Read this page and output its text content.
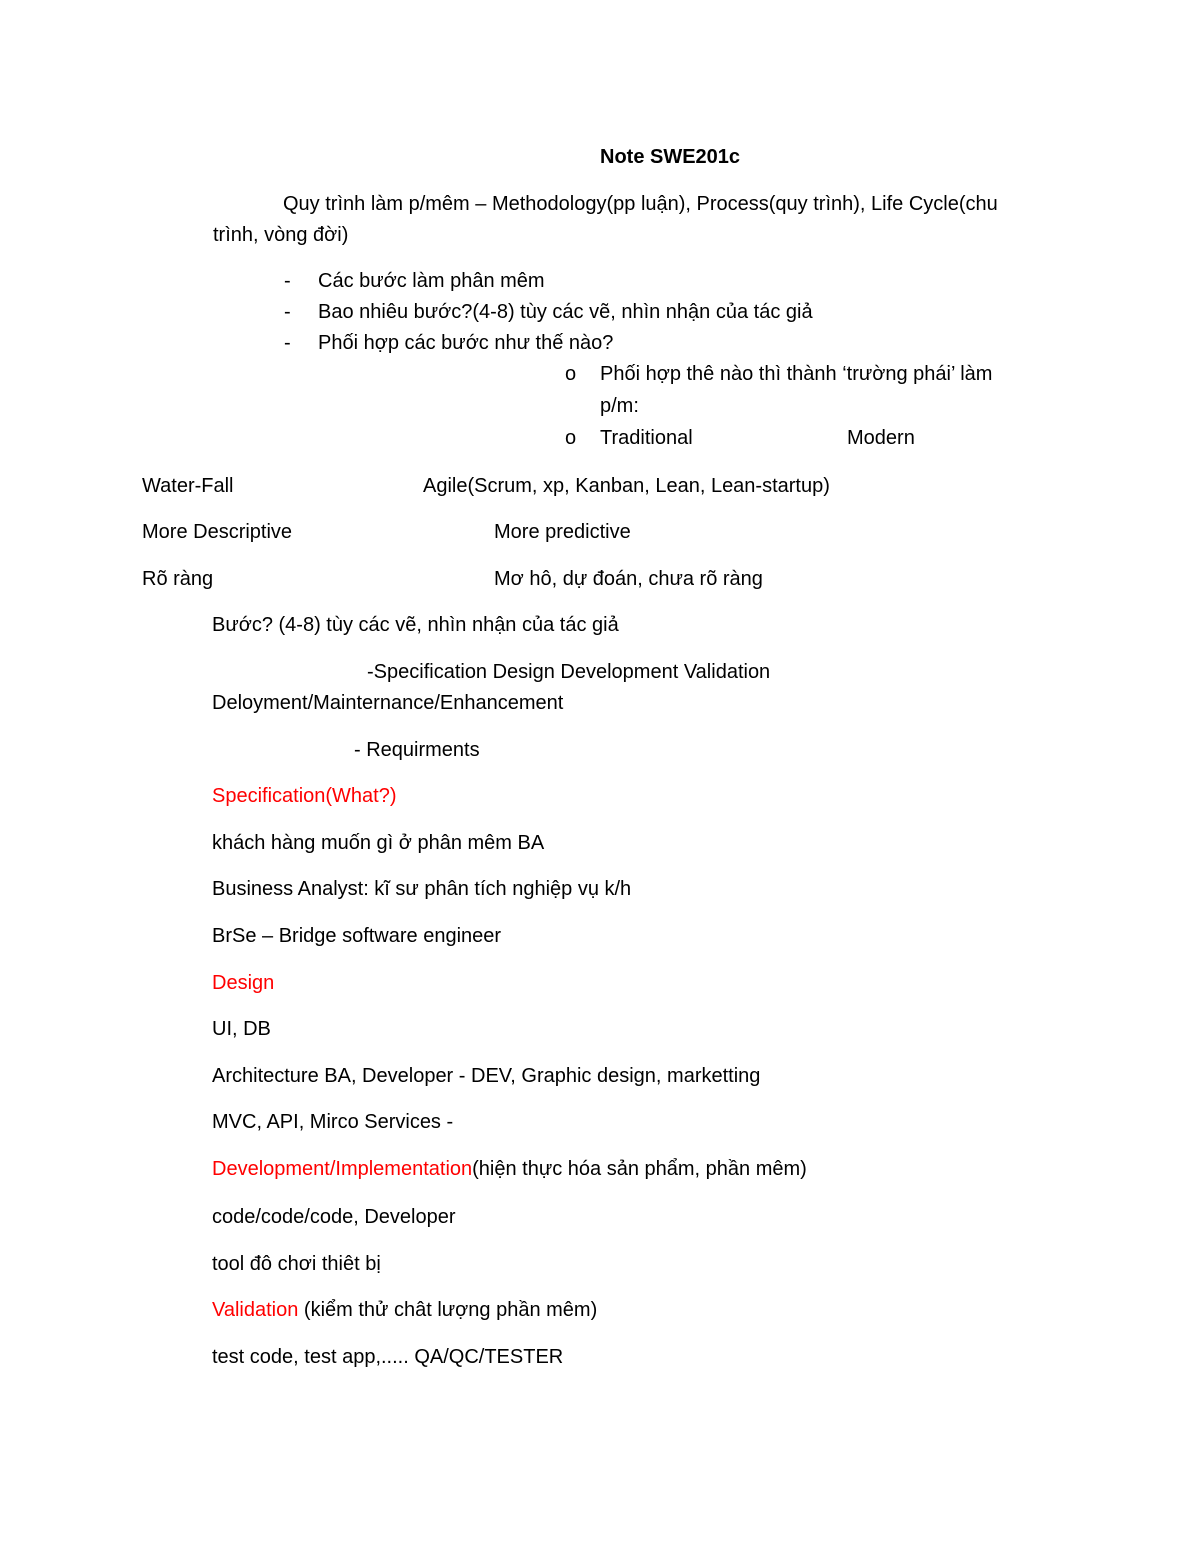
Note SWE201c
Quy trình làm p/mêm – Methodology(pp luận), Process(quy trình), Life Cycle(chu
trình, vòng đời)
- Các bước làm phân mêm
- Bao nhiêu bước?(4-8) tùy các vẽ, nhìn nhận của tác giả
- Phối hợp các bước như thế nào?
o Phối hợp thê nào thì thành ‘trường phái’ làm
p/m:
o Traditional	Modern
Water-Fall	Agile(Scrum, xp, Kanban, Lean, Lean-startup)
More Descriptive	More predictive
Rõ ràng	Mơ hô, dự đoán, chưa rõ ràng
Bước? (4-8) tùy các vẽ, nhìn nhận của tác giả
-Specification Design Development Validation
Deloyment/Mainternance/Enhancement
- Requirments
Specification(What?)
khách hàng muốn gì ở phân mêm BA
Business Analyst: kĩ sư phân tích nghiệp vụ k/h
BrSe – Bridge software engineer
Design
UI, DB
Architecture BA, Developer - DEV, Graphic design, marketting
MVC, API, Mirco Services -
Development/Implementation(hiện thực hóa sản phẩm, phần mêm)
code/code/code, Developer
tool đô chơi thiêt bị
Validation (kiểm thử chât lượng phần mêm)
test code, test app,..... QA/QC/TESTER
